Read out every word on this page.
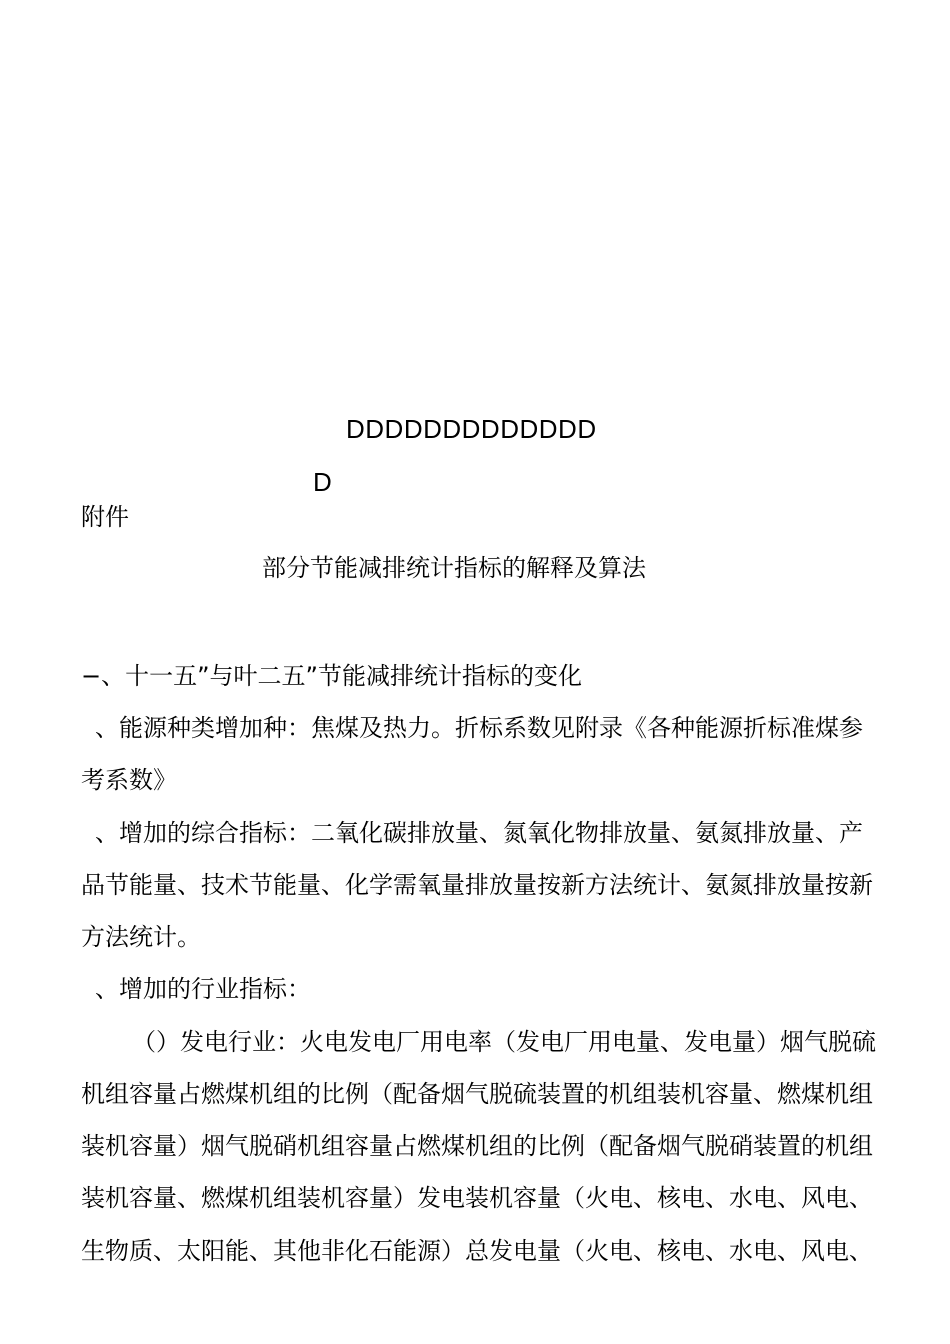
DDDDDDDDDDDDD
D
附件
部分节能减排统计指标的解释及算法
−、十一五”与叶二五”节能减排统计指标的变化
、能源种类增加种：焦煤及热力。折标系数见附录《各种能源折标准煤参
考系数》
、增加的综合指标：二氧化碳排放量、氮氧化物排放量、氨氮排放量、产
品节能量、技术节能量、化学需氧量排放量按新方法统计、氨氮排放量按新
方法统计。
、增加的行业指标：
（）发电行业：火电发电厂用电率（发电厂用电量、发电量）烟气脱硫
机组容量占燃煤机组的比例（配备烟气脱硫装置的机组装机容量、燃煤机组
装机容量）烟气脱硝机组容量占燃煤机组的比例（配备烟气脱硝装置的机组
装机容量、燃煤机组装机容量）发电装机容量（火电、核电、水电、风电、
生物质、太阳能、其他非化石能源）总发电量（火电、核电、水电、风电、
